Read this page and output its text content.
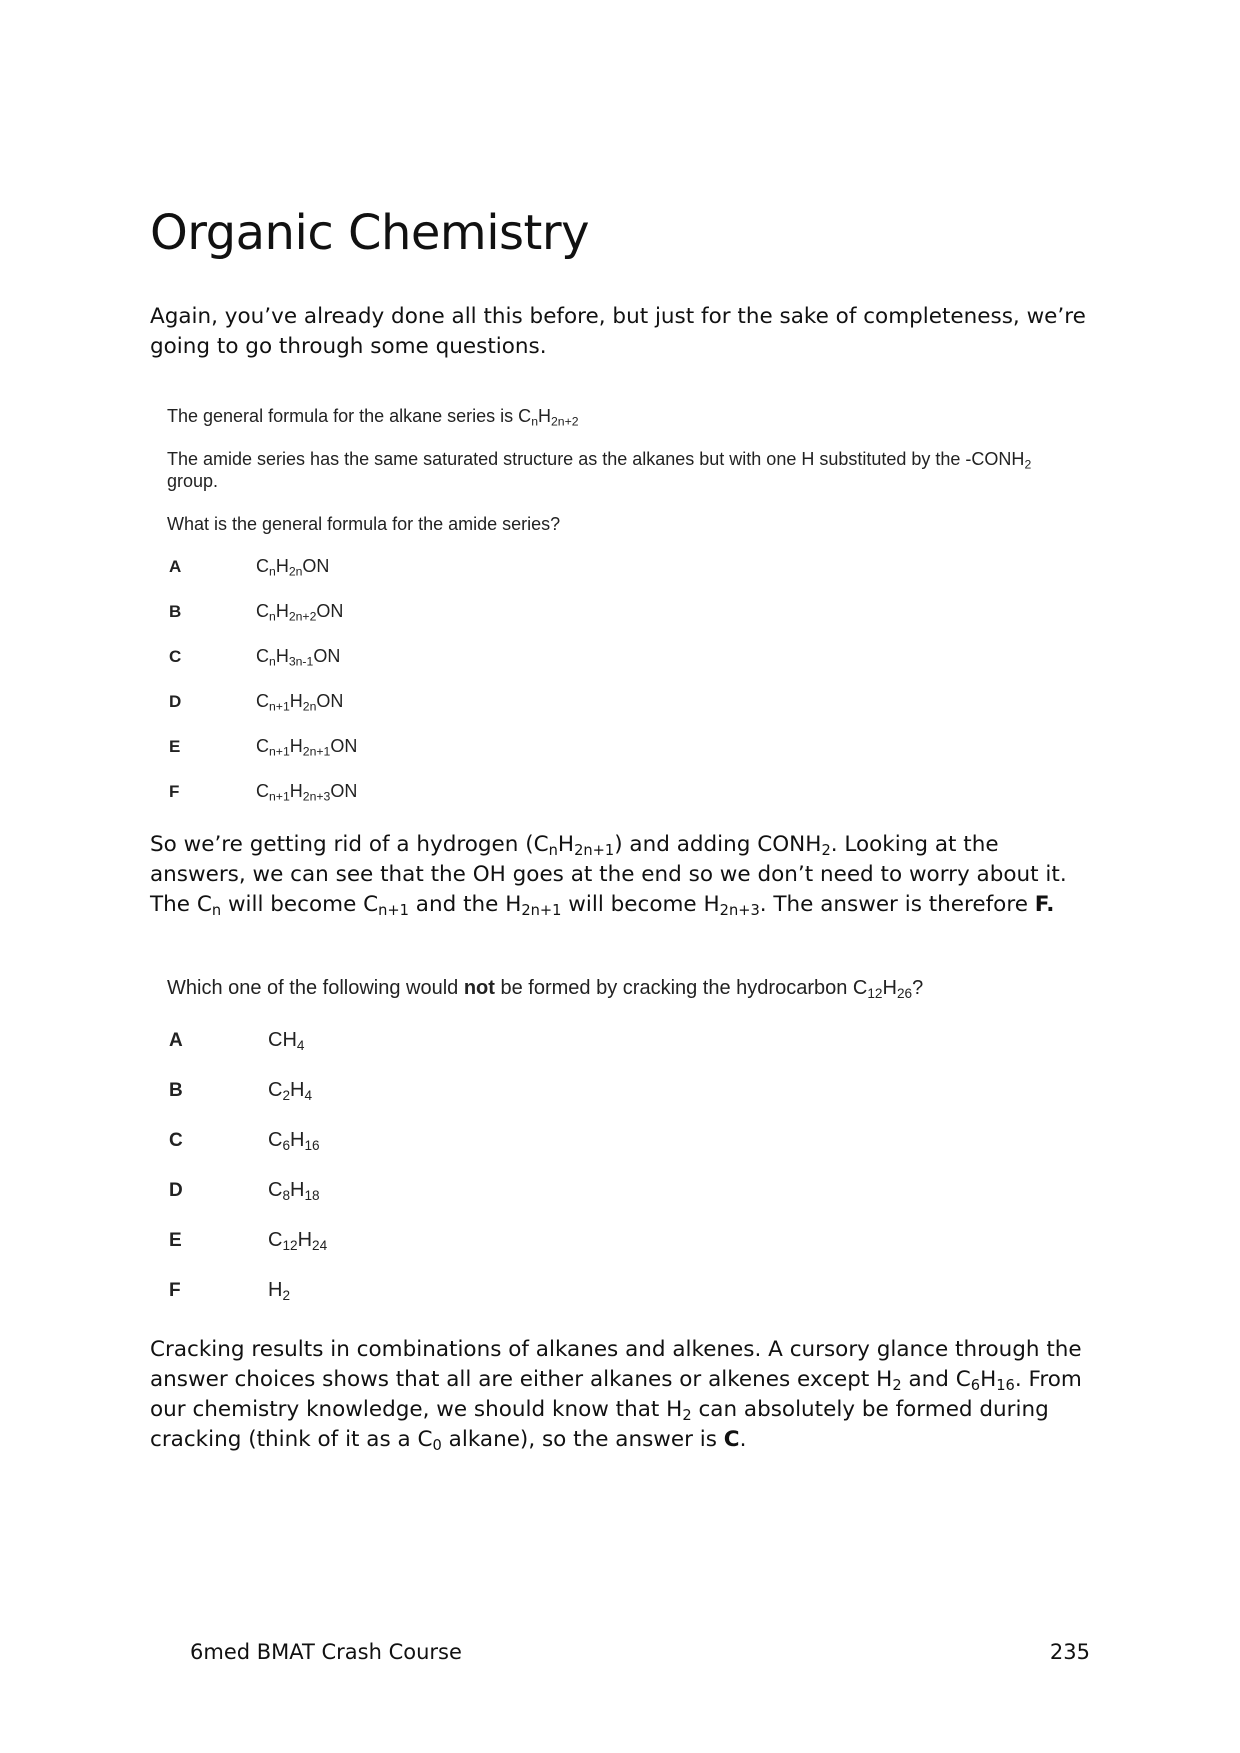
Organic Chemistry

Again, you’ve already done all this before, but just for the sake of completeness, we’re going to go through some questions.

The general formula for the alkane series is $C_nH_{2n+2}$

The amide series has the same saturated structure as the alkanes but with one H substituted by the $-CONH_2$ group.

What is the general formula for the amide series?

A	$C_nH_{2n}ON$
B	$C_nH_{2n+2}ON$
C	$C_nH_{3n-1}ON$
D	$C_{n+1}H_{2n}ON$
E	$C_{n+1}H_{2n+1}ON$
F	$C_{n+1}H_{2n+3}ON$

So we’re getting rid of a hydrogen $(C_nH_{2n+1})$ and adding $CONH_2$. Looking at the answers, we can see that the OH goes at the end so we don’t need to worry about it. The $C_n$ will become $C_{n+1}$ and the $H_{2n+1}$ will become $H_{2n+3}$. The answer is therefore F.

Which one of the following would not be formed by cracking the hydrocarbon $C_{12}H_{26}$?

A	$CH_4$
B	$C_2H_4$
C	$C_6H_{16}$
D	$C_8H_{18}$
E	$C_{12}H_{24}$
F	$H_2$

Cracking results in combinations of alkanes and alkenes. A cursory glance through the answer choices shows that all are either alkanes or alkenes except $H_2$ and $C_6H_{16}$. From our chemistry knowledge, we should know that $H_2$ can absolutely be formed during cracking (think of it as a $C_0$ alkane), so the answer is C.

6med BMAT Crash Course	235
